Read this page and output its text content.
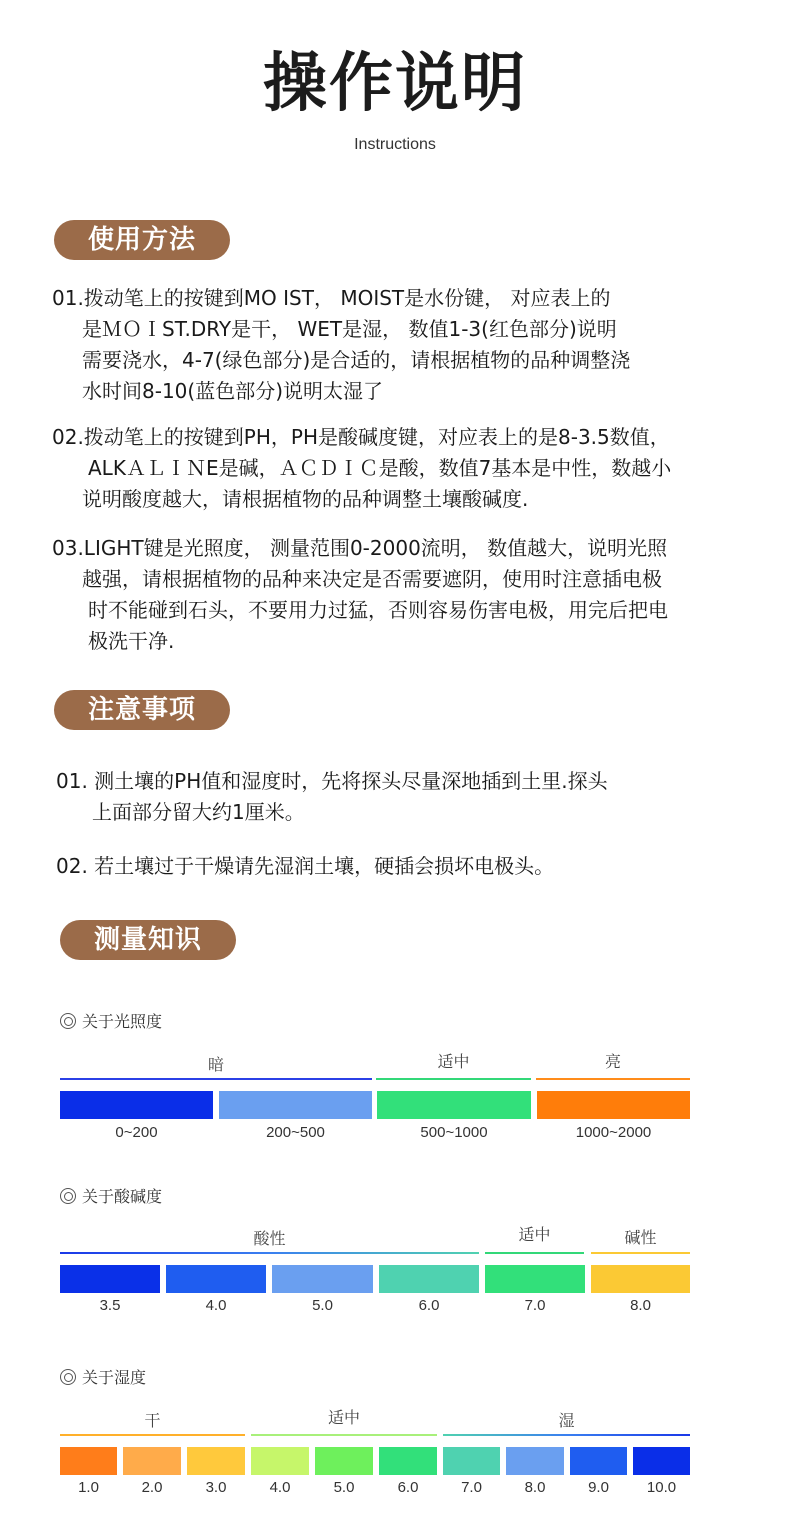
操作说明
Instructions
使用方法
01.拨动笔上的按键到MO IST， MOIST是水份键， 对应表上的
是ＭＯＩST.DRY是干， WET是湿， 数值1-3(红色部分)说明
需要浇水，4-7(绿色部分)是合适的，请根据植物的品种调整浇
水时间8-10(蓝色部分)说明太湿了
02.拨动笔上的按键到PH，PH是酸碱度键，对应表上的是8-3.5数值，
ALKＡＬＩＮE是碱，ＡＣＤＩＣ是酸，数值7基本是中性，数越小
说明酸度越大，请根据植物的品种调整土壤酸碱度.
03.LIGHT键是光照度， 测量范围0-2000流明， 数值越大，说明光照
越强，请根据植物的品种来决定是否需要遮阴，使用时注意插电极
时不能碰到石头，不要用力过猛，否则容易伤害电极，用完后把电
极洗干净.
注意事项
01. 测土壤的PH值和湿度时，先将探头尽量深地插到土里.探头
上面部分留大约1厘米。
02. 若土壤过于干燥请先湿润土壤，硬插会损坏电极头。
测量知识
关于光照度
暗	适中	亮
0~200	200~500	500~1000	1000~2000
关于酸碱度
酸性	适中	碱性
3.5	4.0	5.0	6.0	7.0	8.0
关于湿度
干	适中	湿
1.0	2.0	3.0	4.0	5.0	6.0	7.0	8.0	9.0	10.0
